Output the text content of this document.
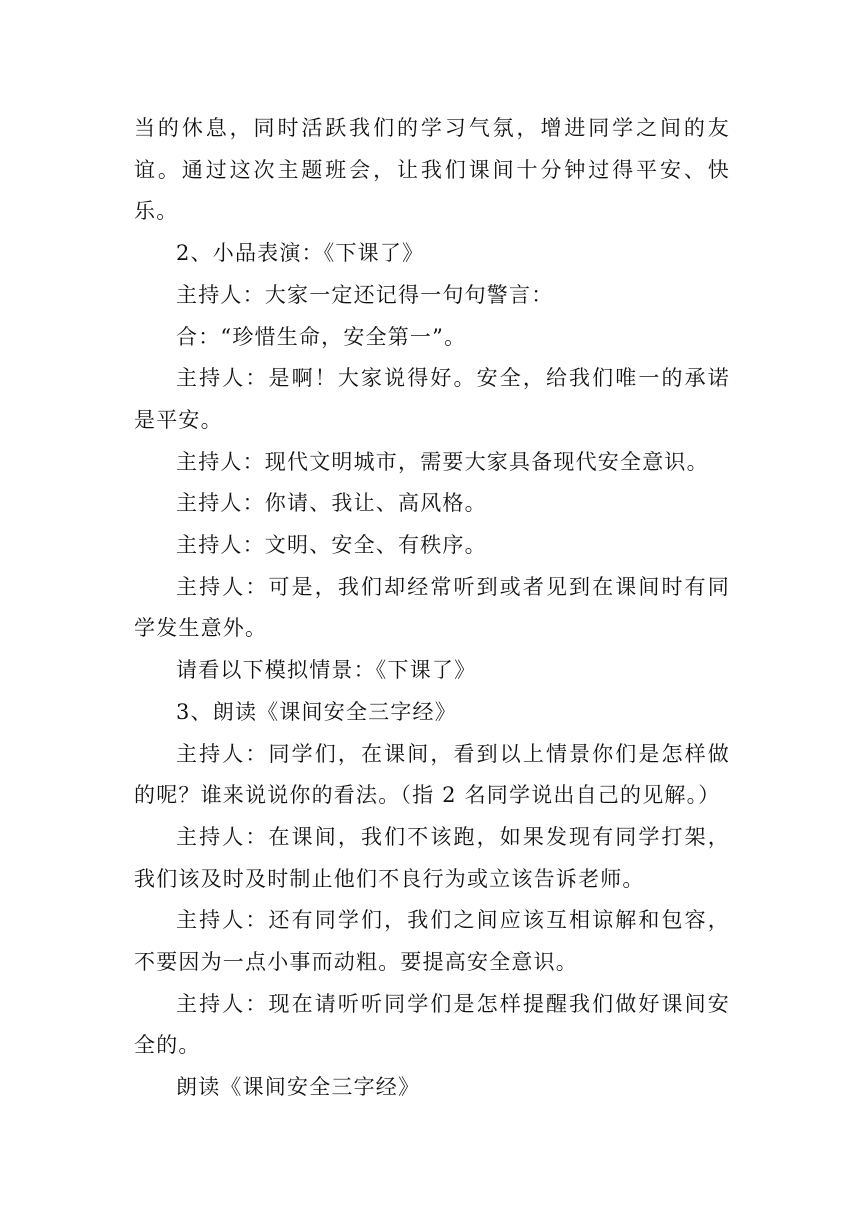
当的休息，同时活跃我们的学习气氛，增进同学之间的友谊。通过这次主题班会，让我们课间十分钟过得平安、快乐。

2、小品表演：《下课了》

主持人：大家一定还记得一句句警言：

合：“珍惜生命，安全第一”。

主持人：是啊！大家说得好。安全，给我们唯一的承诺是平安。

主持人：现代文明城市，需要大家具备现代安全意识。

主持人：你请、我让、高风格。

主持人：文明、安全、有秩序。

主持人：可是，我们却经常听到或者见到在课间时有同学发生意外。

请看以下模拟情景：《下课了》

3、朗读《课间安全三字经》

主持人：同学们，在课间，看到以上情景你们是怎样做的呢？谁来说说你的看法。（指 2 名同学说出自己的见解。）

主持人：在课间，我们不该跑，如果发现有同学打架，我们该及时及时制止他们不良行为或立该告诉老师。

主持人：还有同学们，我们之间应该互相谅解和包容，不要因为一点小事而动粗。要提高安全意识。

主持人：现在请听听同学们是怎样提醒我们做好课间安全的。

朗读《课间安全三字经》
